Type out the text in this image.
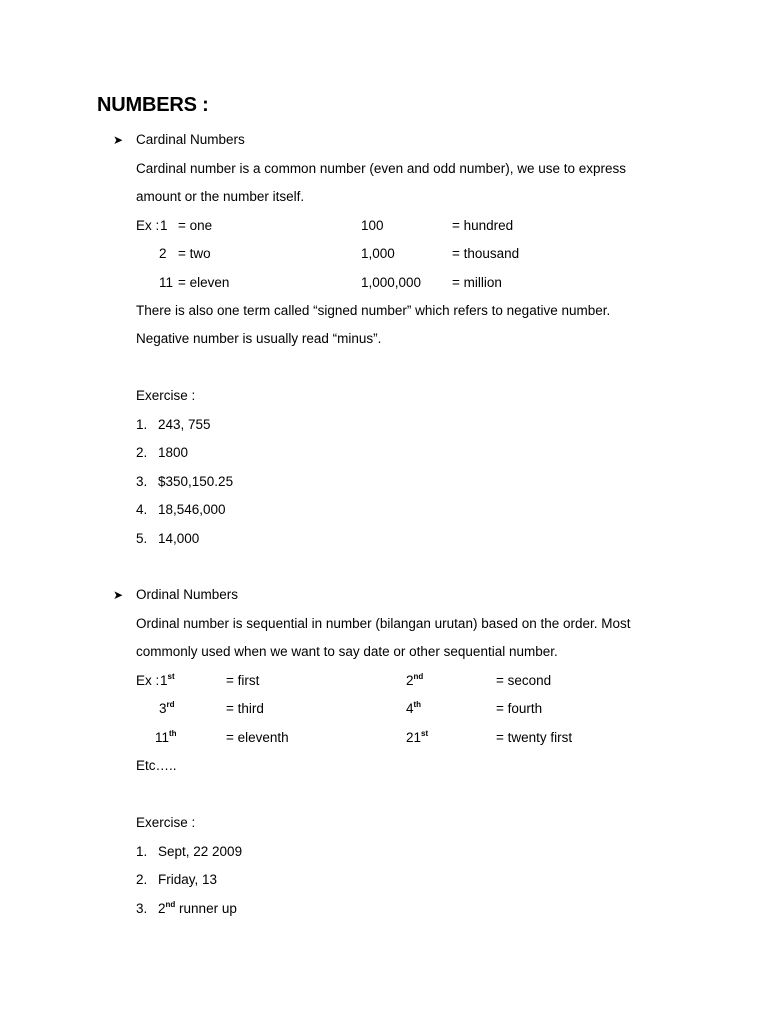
NUMBERS :
➤ Cardinal Numbers
Cardinal number is a common number (even and odd number), we use to express
amount or the number itself.
Ex : 1 = one	100	= hundred
2 = two	1,000	= thousand
11 = eleven	1,000,000 = million
There is also one term called “signed number” which refers to negative number.
Negative number is usually read “minus”.
Exercise :
1. 243, 755
2. 1800
3. $350,150.25
4. 18,546,000
5. 14,000
➤ Ordinal Numbers
Ordinal number is sequential in number (bilangan urutan) based on the order. Most
commonly used when we want to say date or other sequential number.
Ex : 1st	= first	2nd	= second
3rd	= third	4th	= fourth
11th	= eleventh	21st	= twenty first
Etc…..
Exercise :
1. Sept, 22 2009
2. Friday, 13
3. 2nd runner up
